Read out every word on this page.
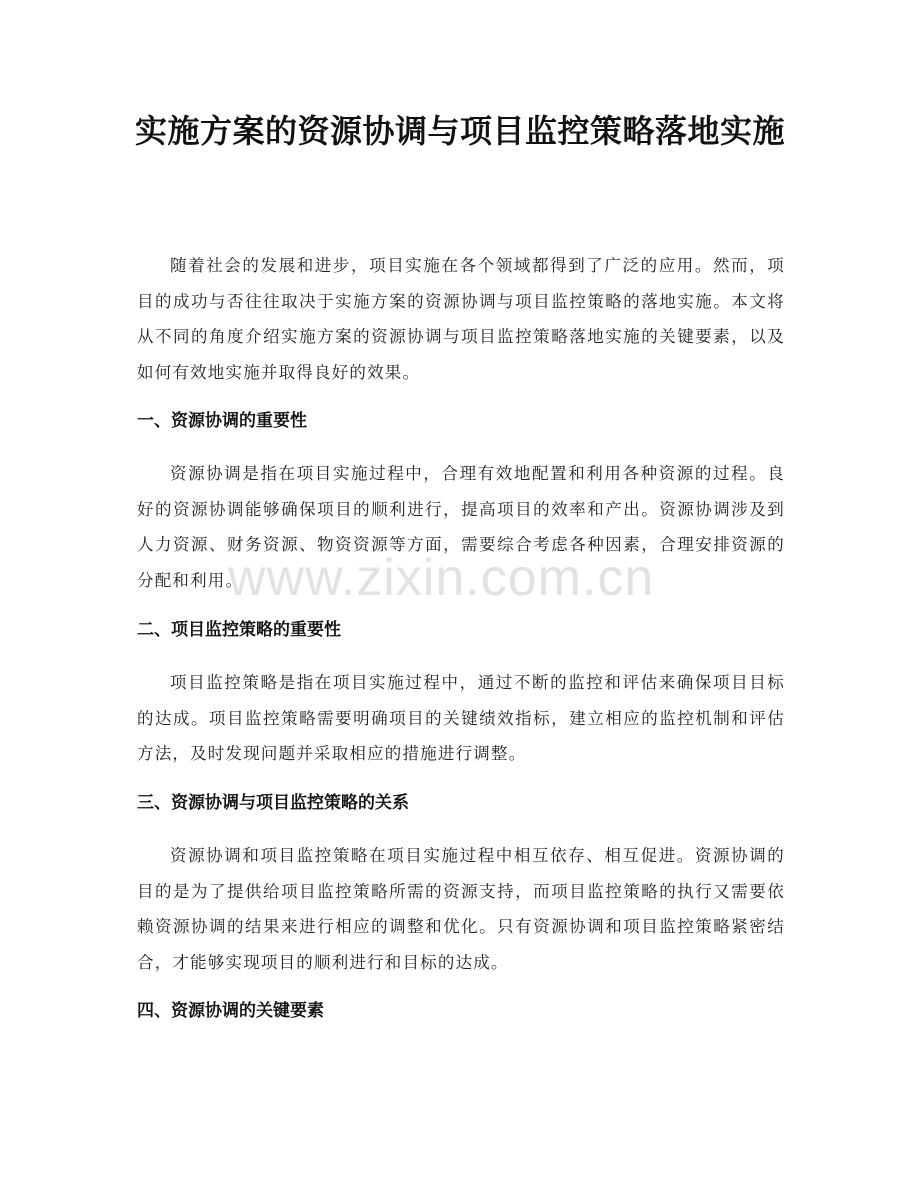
实施方案的资源协调与项目监控策略落地实施

随着社会的发展和进步，项目实施在各个领域都得到了广泛的应用。然而，项目的成功与否往往取决于实施方案的资源协调与项目监控策略的落地实施。本文将从不同的角度介绍实施方案的资源协调与项目监控策略落地实施的关键要素，以及如何有效地实施并取得良好的效果。

一、资源协调的重要性

资源协调是指在项目实施过程中，合理有效地配置和利用各种资源的过程。良好的资源协调能够确保项目的顺利进行，提高项目的效率和产出。资源协调涉及到人力资源、财务资源、物资资源等方面，需要综合考虑各种因素，合理安排资源的分配和利用。

二、项目监控策略的重要性

项目监控策略是指在项目实施过程中，通过不断的监控和评估来确保项目目标的达成。项目监控策略需要明确项目的关键绩效指标，建立相应的监控机制和评估方法，及时发现问题并采取相应的措施进行调整。

三、资源协调与项目监控策略的关系

资源协调和项目监控策略在项目实施过程中相互依存、相互促进。资源协调的目的是为了提供给项目监控策略所需的资源支持，而项目监控策略的执行又需要依赖资源协调的结果来进行相应的调整和优化。只有资源协调和项目监控策略紧密结合，才能够实现项目的顺利进行和目标的达成。

四、资源协调的关键要素
www.zixin.com.cn
